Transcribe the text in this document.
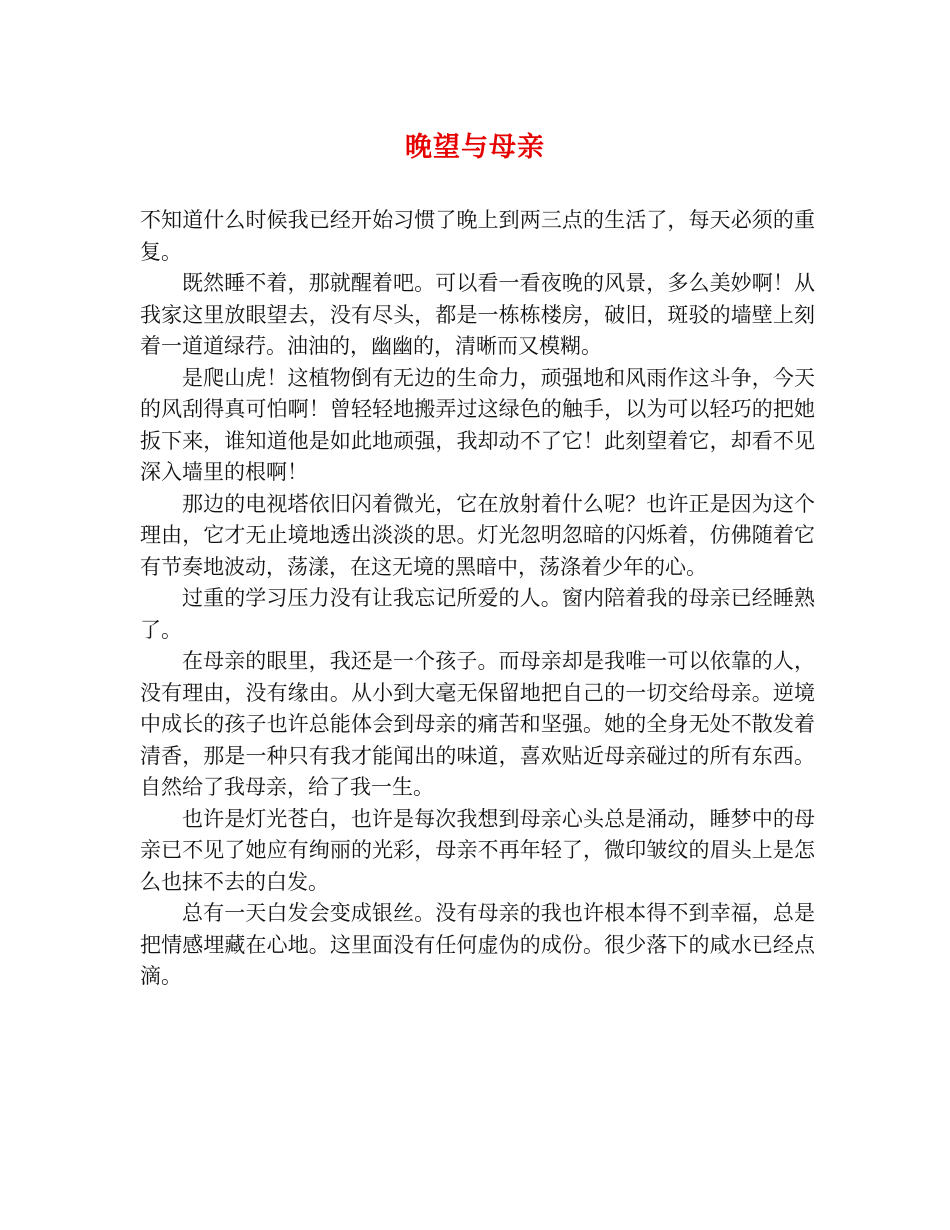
晚望与母亲

不知道什么时候我已经开始习惯了晚上到两三点的生活了，每天必须的重复。

既然睡不着，那就醒着吧。可以看一看夜晚的风景，多么美妙啊！从我家这里放眼望去，没有尽头，都是一栋栋楼房，破旧，斑驳的墙壁上刻着一道道绿荇。油油的，幽幽的，清晰而又模糊。

是爬山虎！这植物倒有无边的生命力，顽强地和风雨作这斗争，今天的风刮得真可怕啊！曾轻轻地搬弄过这绿色的触手，以为可以轻巧的把她扳下来，谁知道他是如此地顽强，我却动不了它！此刻望着它，却看不见深入墙里的根啊！

那边的电视塔依旧闪着微光，它在放射着什么呢？也许正是因为这个理由，它才无止境地透出淡淡的思。灯光忽明忽暗的闪烁着，仿佛随着它有节奏地波动，荡漾，在这无境的黑暗中，荡涤着少年的心。

过重的学习压力没有让我忘记所爱的人。窗内陪着我的母亲已经睡熟了。

在母亲的眼里，我还是一个孩子。而母亲却是我唯一可以依靠的人，没有理由，没有缘由。从小到大毫无保留地把自己的一切交给母亲。逆境中成长的孩子也许总能体会到母亲的痛苦和坚强。她的全身无处不散发着清香，那是一种只有我才能闻出的味道，喜欢贴近母亲碰过的所有东西。自然给了我母亲，给了我一生。

也许是灯光苍白，也许是每次我想到母亲心头总是涌动，睡梦中的母亲已不见了她应有绚丽的光彩，母亲不再年轻了，微印皱纹的眉头上是怎么也抹不去的白发。

总有一天白发会变成银丝。没有母亲的我也许根本得不到幸福，总是把情感埋藏在心地。这里面没有任何虚伪的成份。很少落下的咸水已经点滴。
